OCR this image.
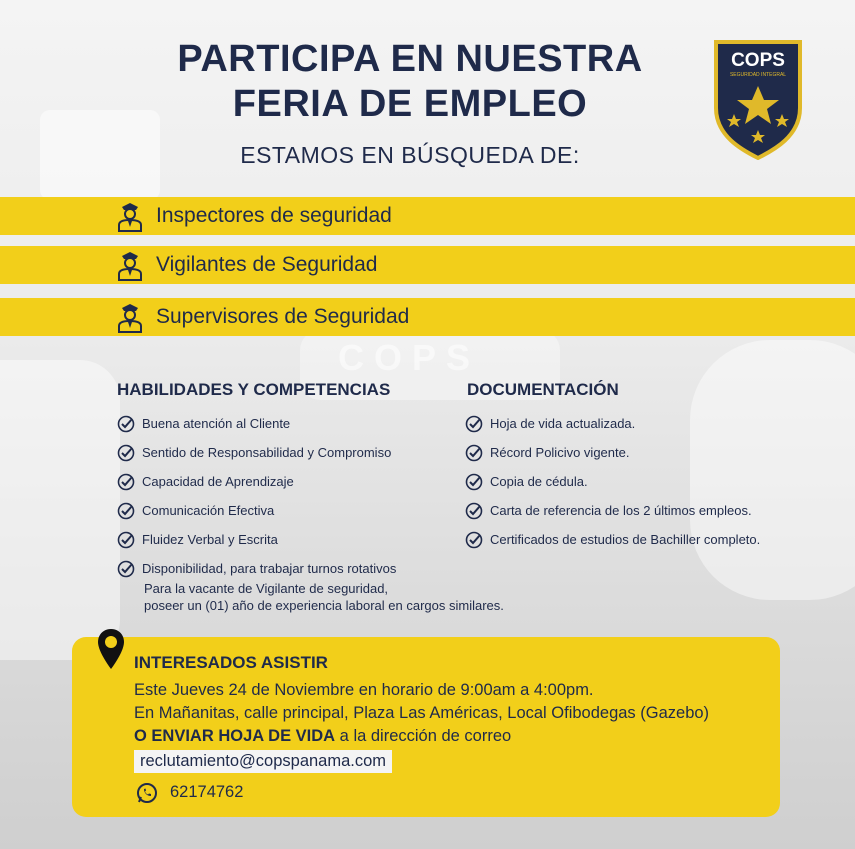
COPS
PARTICIPA EN NUESTRA
FERIA DE EMPLEO
ESTAMOS EN BÚSQUEDA DE:
COPS
SEGURIDAD INTEGRAL
Inspectores de seguridad
Vigilantes de Seguridad
Supervisores de Seguridad
HABILIDADES Y COMPETENCIAS
Buena atención al Cliente
Sentido de Responsabilidad y Compromiso
Capacidad de Aprendizaje
Comunicación Efectiva
Fluidez Verbal y Escrita
Disponibilidad, para trabajar turnos rotativos
DOCUMENTACIÓN
Hoja de vida actualizada.
Récord Policivo vigente.
Copia de cédula.
Carta de referencia de los 2 últimos empleos.
Certificados de estudios de Bachiller completo.
Para la vacante de Vigilante de seguridad,
poseer un (01) año de experiencia laboral en cargos similares.
INTERESADOS ASISTIR
Este Jueves 24 de Noviembre en horario de 9:00am a 4:00pm.
En Mañanitas, calle principal, Plaza Las Américas, Local Ofibodegas (Gazebo)
O ENVIAR HOJA DE VIDA a la dirección de correo
reclutamiento@copspanama.com
62174762
